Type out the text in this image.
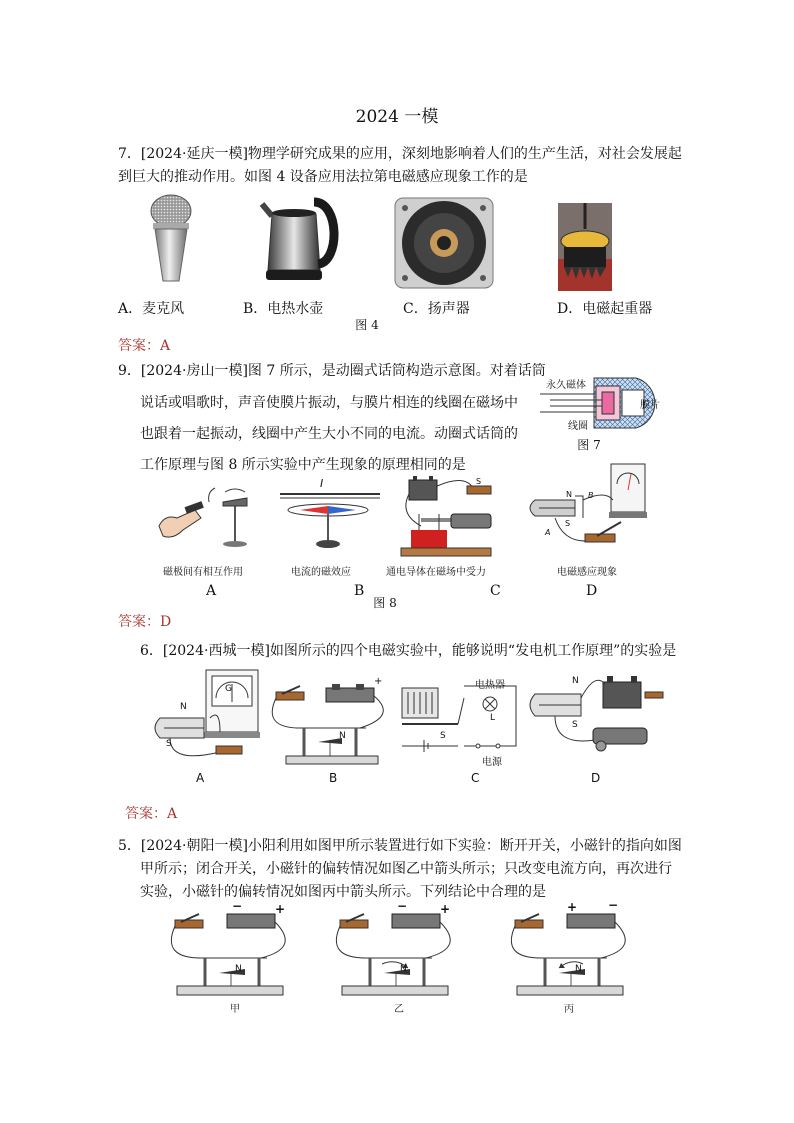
2024 一模
7．[2024·延庆一模]物理学研究成果的应用，深刻地影响着人们的生产生活，对社会发展起
到巨大的推动作用。如图 4 设备应用法拉第电磁感应现象工作的是
A．麦克风	B．电热水壶	C．扬声器	D．电磁起重器
图 4
答案：A
9．[2024·房山一模]图 7 所示，是动圈式话筒构造示意图。对着话筒
说话或唱歌时，声音使膜片振动，与膜片相连的线圈在磁场中
也跟着一起振动，线圈中产生大小不同的电流。动圈式话筒的
工作原理与图 8 所示实验中产生现象的原理相同的是
永久磁体
膜片
线圈
图 7
I	S
N B
S
A
磁极间有相互作用	电流的磁效应	通电导体在磁场中受力	电磁感应现象
A	B	C	D
图 8
答案：D
6．[2024·西城一模]如图所示的四个电磁实验中，能够说明“发电机工作原理”的实验是
N
S
G
+
N
电热器
L
S
电源
N
S
A	B	C	D
答案：A
5．[2024·朝阳一模]小阳利用如图甲所示装置进行如下实验：断开开关，小磁针的指向如图
甲所示；闭合开关，小磁针的偏转情况如图乙中箭头所示；只改变电流方向，再次进行
实验，小磁针的偏转情况如图丙中箭头所示。下列结论中合理的是
−	+	−	+	+	−
N	N	N
甲	乙	丙
